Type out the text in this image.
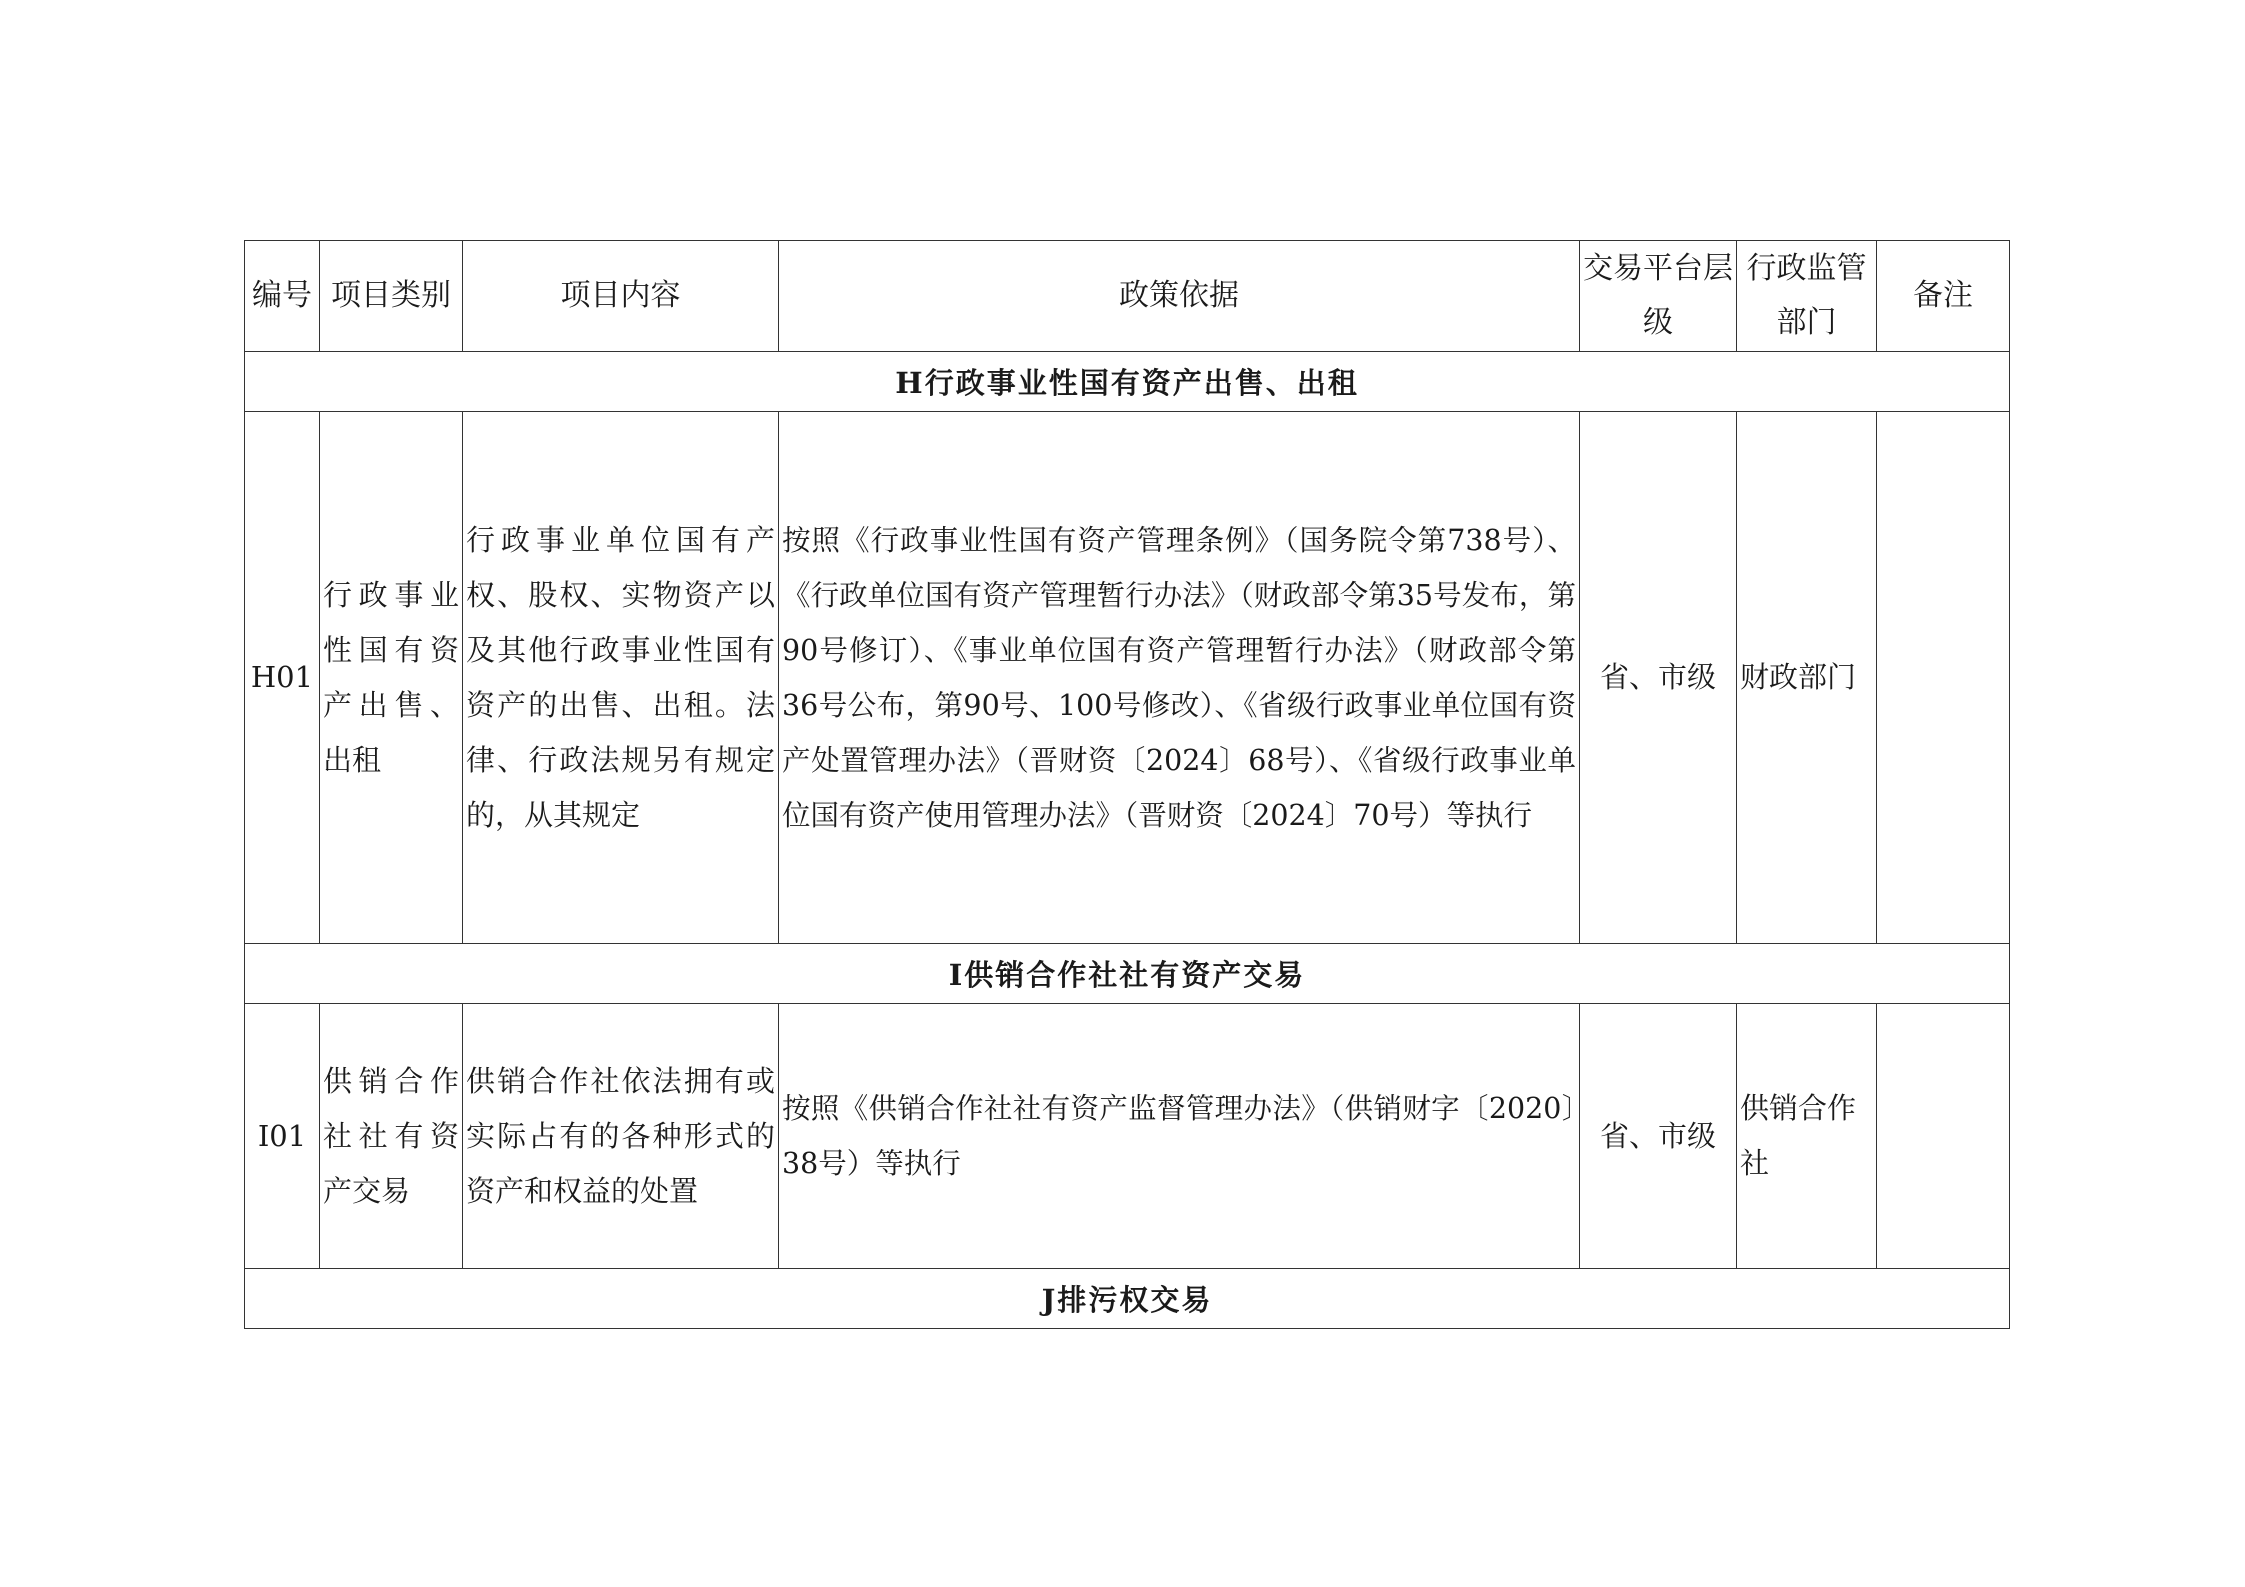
编号	项目类别	项目内容	政策依据	交易平台层级	行政监管部门	备注
H行政事业性国有资产出售、出租						
H01	行政事业性国有资产出售、出租	行政事业单位国有产权、股权、实物资产以及其他行政事业性国有资产的出售、出租。法律、行政法规另有规定的，从其规定	按照《行政事业性国有资产管理条例》（国务院令第738号）、《行政单位国有资产管理暂行办法》（财政部令第35号发布，第90号修订）、《事业单位国有资产管理暂行办法》（财政部令第36号公布，第90号、100号修改）、《省级行政事业单位国有资产处置管理办法》（晋财资〔2024〕68号）、《省级行政事业单位国有资产使用管理办法》（晋财资〔2024〕70号）等执行	省、市级	财政部门	
I供销合作社社有资产交易						
I01	供销合作社社有资产交易	供销合作社依法拥有或实际占有的各种形式的资产和权益的处置	按照《供销合作社社有资产监督管理办法》（供销财字〔2020〕38号）等执行	省、市级	供销合作社	
J排污权交易						
